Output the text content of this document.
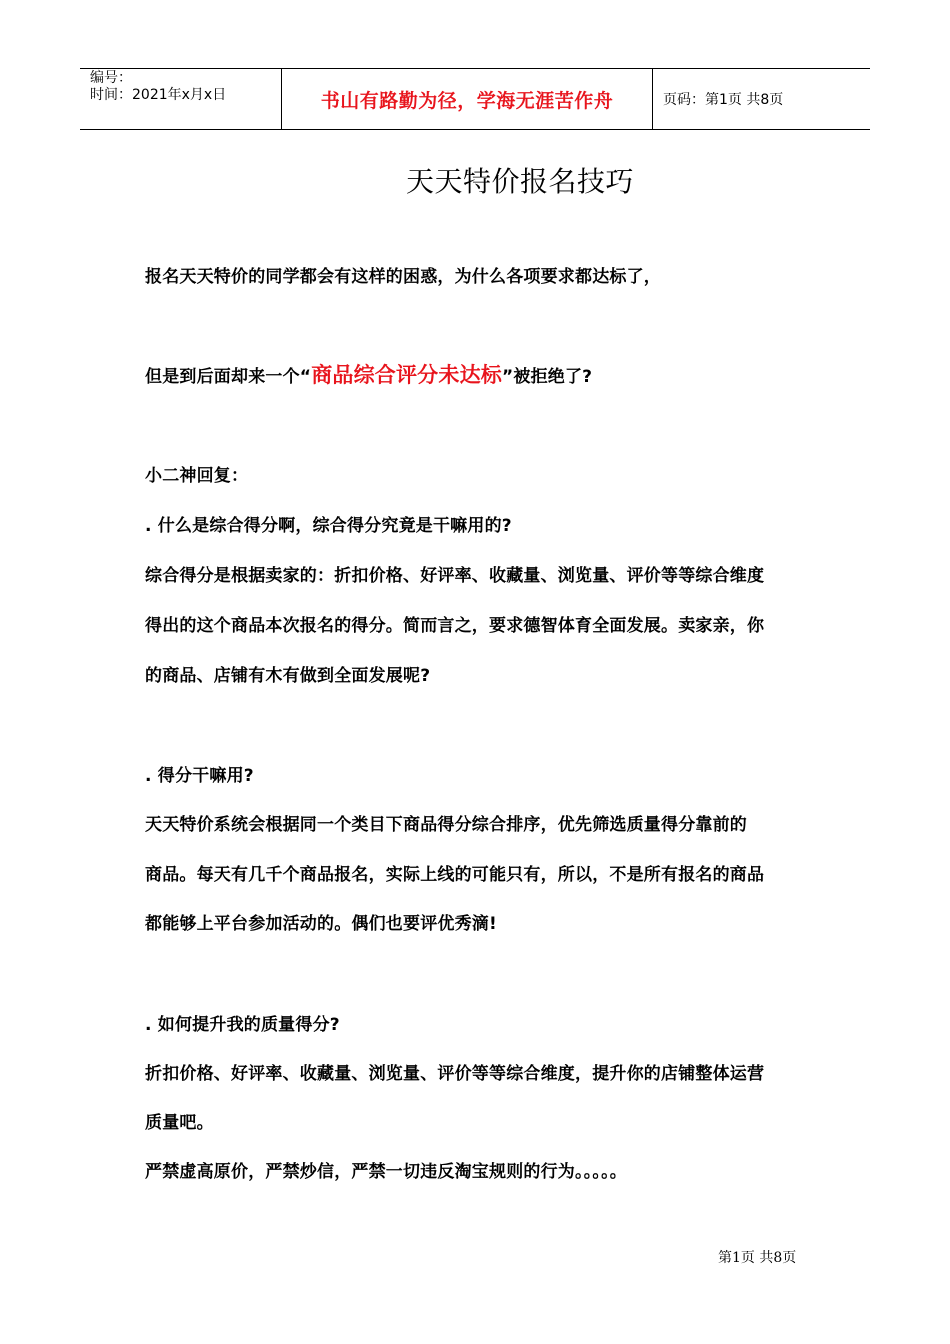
编号：
时间：2021年x月x日	书山有路勤为径，学海无涯苦作舟	页码：第1页 共8页
天天特价报名技巧
报名天天特价的同学都会有这样的困惑，为什么各项要求都达标了，
但是到后面却来一个“商品综合评分未达标”被拒绝了?
小二神回复：
. 什么是综合得分啊，综合得分究竟是干嘛用的?
综合得分是根据卖家的：折扣价格、好评率、收藏量、浏览量、评价等等综合维度
得出的这个商品本次报名的得分。简而言之，要求德智体育全面发展。卖家亲，你
的商品、店铺有木有做到全面发展呢?
. 得分干嘛用?
天天特价系统会根据同一个类目下商品得分综合排序，优先筛选质量得分靠前的
商品。每天有几千个商品报名，实际上线的可能只有，所以，不是所有报名的商品
都能够上平台参加活动的。偶们也要评优秀滴!
. 如何提升我的质量得分?
折扣价格、好评率、收藏量、浏览量、评价等等综合维度，提升你的店铺整体运营
质量吧。
严禁虚高原价，严禁炒信，严禁一切违反淘宝规则的行为。。。。。
第1页 共8页
